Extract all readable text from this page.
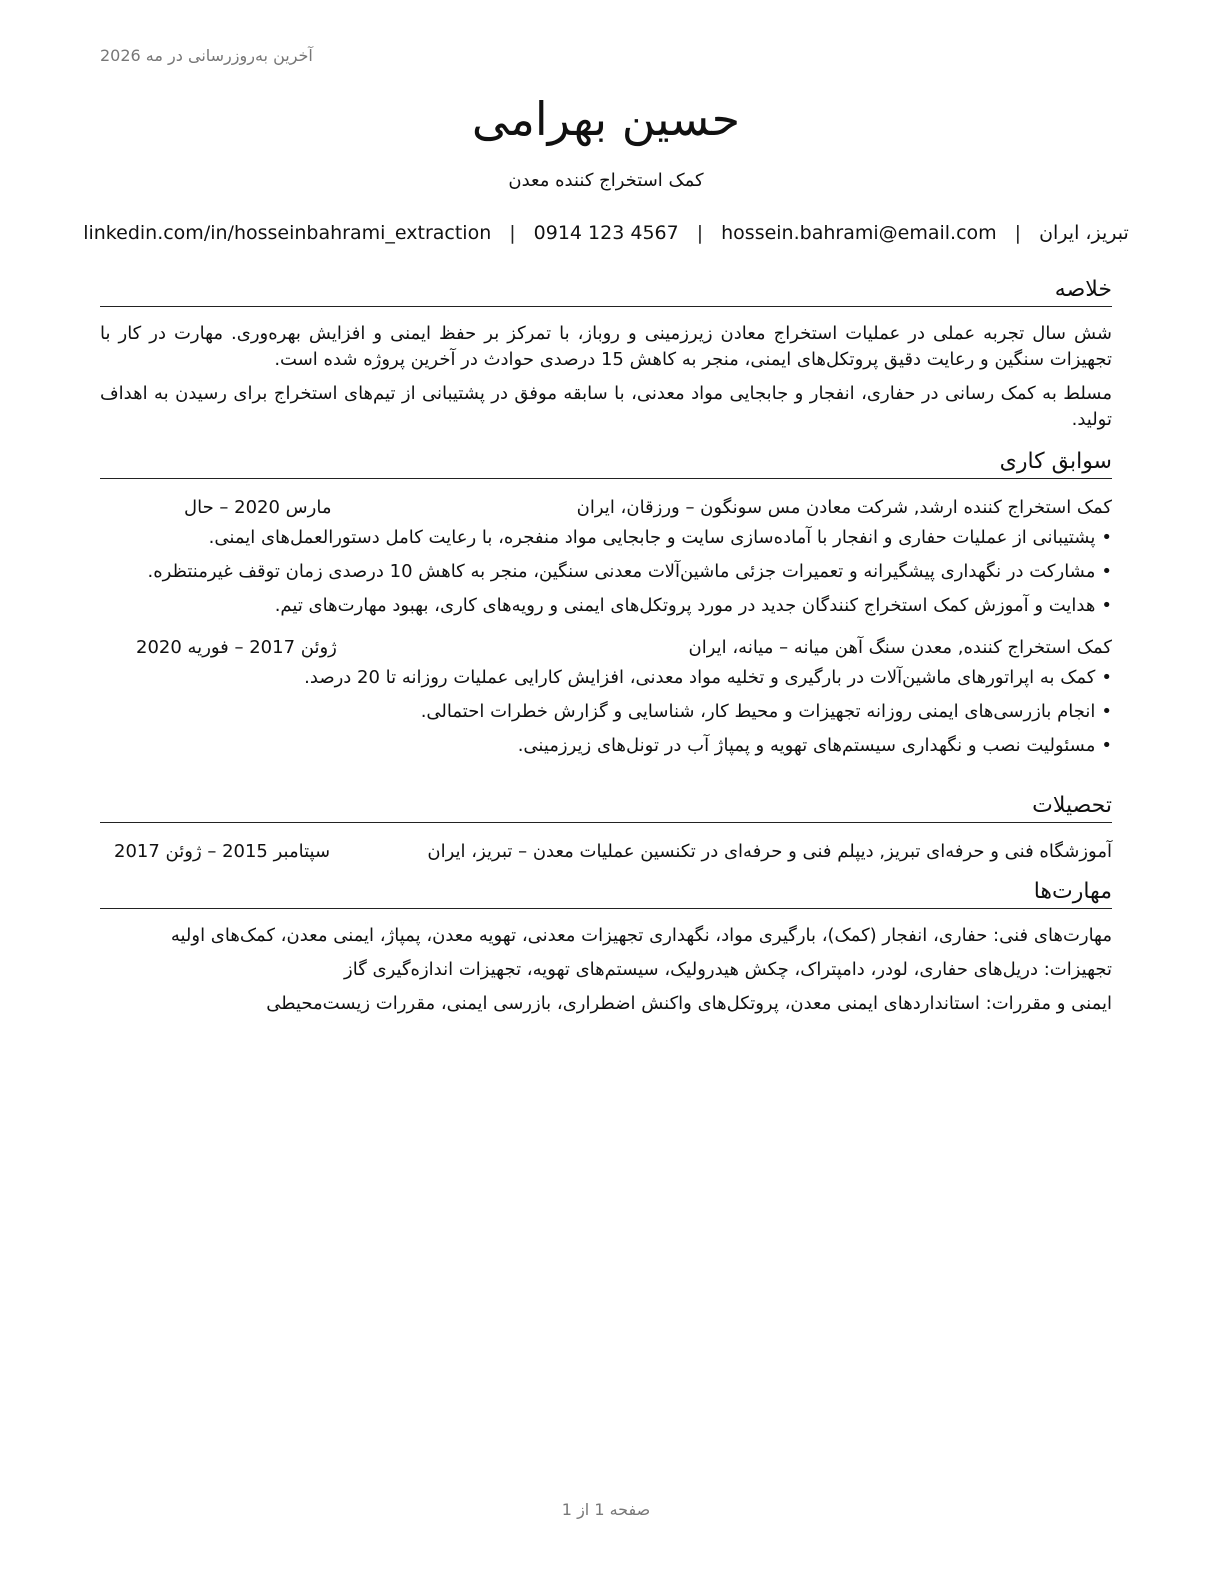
آخرین به‌روزرسانی در مه 2026
حسین بهرامی
کمک استخراج کننده معدن
تبریز، ایران
|
hossein.bahrami@email.com
|
0914 123 4567
|
linkedin.com/in/hosseinbahrami_extraction
خلاصه

شش سال تجربه عملی در عملیات استخراج معادن زیرزمینی و روباز، با تمرکز بر حفظ ایمنی و افزایش بهره‌وری. مهارت در کار با تجهیزات سنگین و رعایت دقیق پروتکل‌های ایمنی، منجر به کاهش 15 درصدی حوادث در آخرین پروژه شده است.

مسلط به کمک رسانی در حفاری، انفجار و جابجایی مواد معدنی، با سابقه موفق در پشتیبانی از تیم‌های استخراج برای رسیدن به اهداف تولید.

سوابق کاری
کمک استخراج کننده ارشد, شرکت معادن مس سونگون – ورزقان، ایران
مارس 2020 – حال
•پشتیبانی از عملیات حفاری و انفجار با آماده‌سازی سایت و جابجایی مواد منفجره، با رعایت کامل دستورالعمل‌های ایمنی.
•مشارکت در نگهداری پیشگیرانه و تعمیرات جزئی ماشین‌آلات معدنی سنگین، منجر به کاهش 10 درصدی زمان توقف غیرمنتظره.
•هدایت و آموزش کمک استخراج کنندگان جدید در مورد پروتکل‌های ایمنی و رویه‌های کاری، بهبود مهارت‌های تیم.
کمک استخراج کننده, معدن سنگ آهن میانه – میانه، ایران
ژوئن 2017 – فوریه 2020
•کمک به اپراتورهای ماشین‌آلات در بارگیری و تخلیه مواد معدنی، افزایش کارایی عملیات روزانه تا 20 درصد.
•انجام بازرسی‌های ایمنی روزانه تجهیزات و محیط کار، شناسایی و گزارش خطرات احتمالی.
•مسئولیت نصب و نگهداری سیستم‌های تهویه و پمپاژ آب در تونل‌های زیرزمینی.
تحصیلات
آموزشگاه فنی و حرفه‌ای تبریز, دیپلم فنی و حرفه‌ای در تکنسین عملیات معدن – تبریز، ایران
سپتامبر 2015 – ژوئن 2017
مهارت‌ها
مهارت‌های فنی: حفاری، انفجار (کمک)، بارگیری مواد، نگهداری تجهیزات معدنی، تهویه معدن، پمپاژ، ایمنی معدن، کمک‌های اولیه
تجهیزات: دریل‌های حفاری، لودر، دامپتراک، چکش هیدرولیک، سیستم‌های تهویه، تجهیزات اندازه‌گیری گاز
ایمنی و مقررات: استانداردهای ایمنی معدن، پروتکل‌های واکنش اضطراری، بازرسی ایمنی، مقررات زیست‌محیطی
صفحه 1 از 1
